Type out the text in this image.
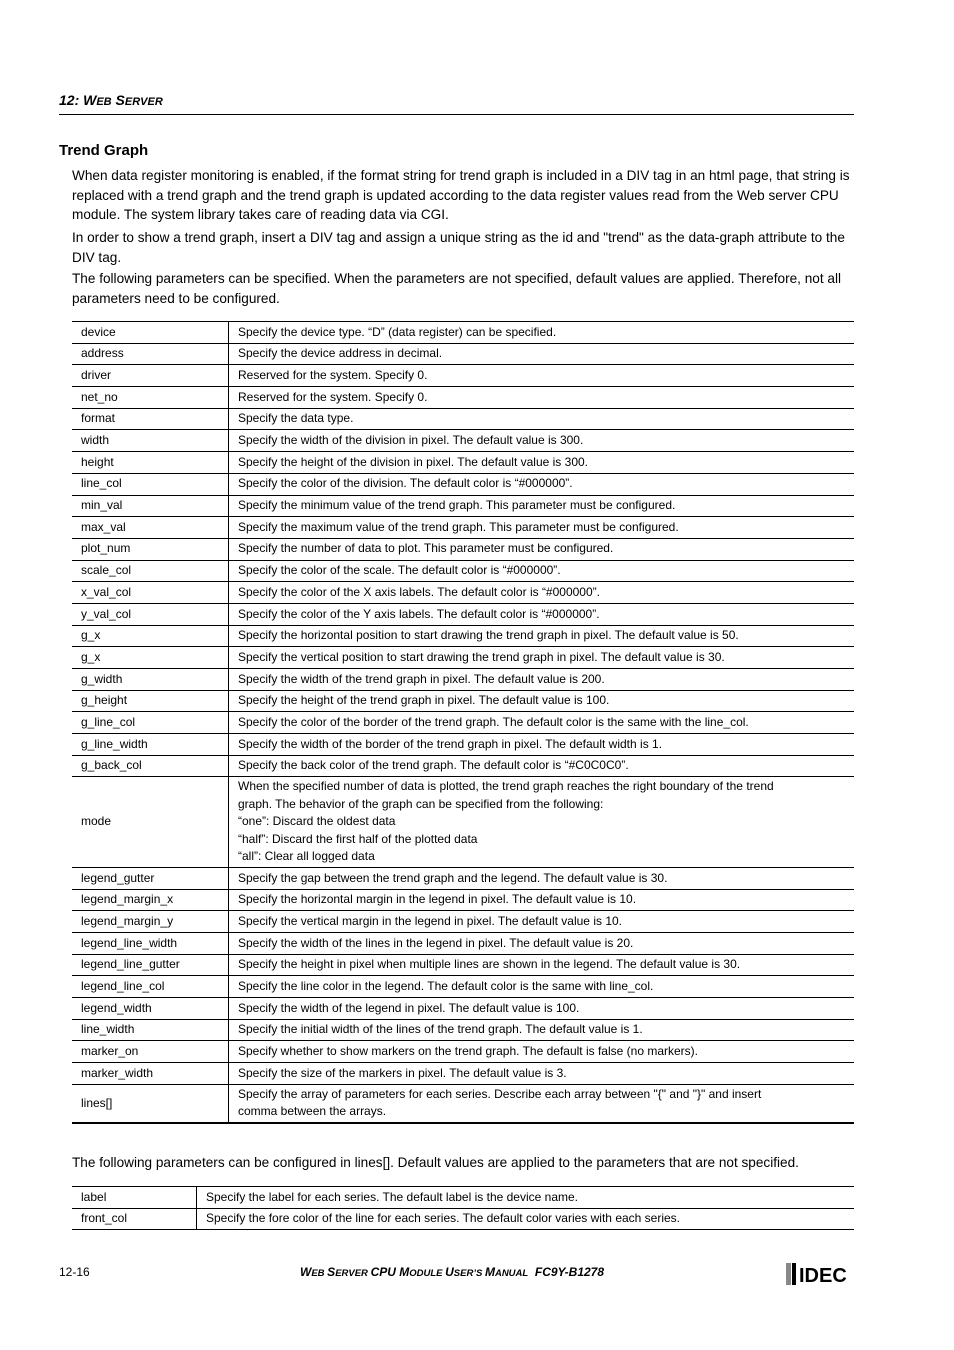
12: WEB SERVER
Trend Graph
When data register monitoring is enabled, if the format string for trend graph is included in a DIV tag in an html page, that string is replaced with a trend graph and the trend graph is updated according to the data register values read from the Web server CPU module. The system library takes care of reading data via CGI.
In order to show a trend graph, insert a DIV tag and assign a unique string as the id and "trend" as the data-graph attribute to the DIV tag.
The following parameters can be specified. When the parameters are not specified, default values are applied. Therefore, not all parameters need to be configured.
device	Specify the device type. “D” (data register) can be specified.
address	Specify the device address in decimal.
driver	Reserved for the system. Specify 0.
net_no	Reserved for the system. Specify 0.
format	Specify the data type.
width	Specify the width of the division in pixel. The default value is 300.
height	Specify the height of the division in pixel. The default value is 300.
line_col	Specify the color of the division. The default color is “#000000”.
min_val	Specify the minimum value of the trend graph. This parameter must be configured.
max_val	Specify the maximum value of the trend graph. This parameter must be configured.
plot_num	Specify the number of data to plot. This parameter must be configured.
scale_col	Specify the color of the scale. The default color is “#000000”.
x_val_col	Specify the color of the X axis labels. The default color is “#000000”.
y_val_col	Specify the color of the Y axis labels. The default color is “#000000”.
g_x	Specify the horizontal position to start drawing the trend graph in pixel. The default value is 50.
g_x	Specify the vertical position to start drawing the trend graph in pixel. The default value is 30.
g_width	Specify the width of the trend graph in pixel. The default value is 200.
g_height	Specify the height of the trend graph in pixel. The default value is 100.
g_line_col	Specify the color of the border of the trend graph. The default color is the same with the line_col.
g_line_width	Specify the width of the border of the trend graph in pixel. The default width is 1.
g_back_col	Specify the back color of the trend graph. The default color is “#C0C0C0”.
mode	When the specified number of data is plotted, the trend graph reaches the right boundary of the trend
graph. The behavior of the graph can be specified from the following:
“one”: Discard the oldest data
“half”: Discard the first half of the plotted data
“all”: Clear all logged data

legend_gutter	Specify the gap between the trend graph and the legend. The default value is 30.
legend_margin_x	Specify the horizontal margin in the legend in pixel. The default value is 10.
legend_margin_y	Specify the vertical margin in the legend in pixel. The default value is 10.
legend_line_width	Specify the width of the lines in the legend in pixel. The default value is 20.
legend_line_gutter	Specify the height in pixel when multiple lines are shown in the legend. The default value is 30.
legend_line_col	Specify the line color in the legend. The default color is the same with line_col.
legend_width	Specify the width of the legend in pixel. The default value is 100.
line_width	Specify the initial width of the lines of the trend graph. The default value is 1.
marker_on	Specify whether to show markers on the trend graph. The default is false (no markers).
marker_width	Specify the size of the markers in pixel. The default value is 3.
lines[]	Specify the array of parameters for each series. Describe each array between "{" and "}" and insert
comma between the arrays.
The following parameters can be configured in lines[]. Default values are applied to the parameters that are not specified.
label	Specify the label for each series. The default label is the device name.
front_col	Specify the fore color of the line for each series. The default color varies with each series.
12-16	WEB SERVER CPU MODULE USER’S MANUAL  FC9Y-B1278	IDEC
